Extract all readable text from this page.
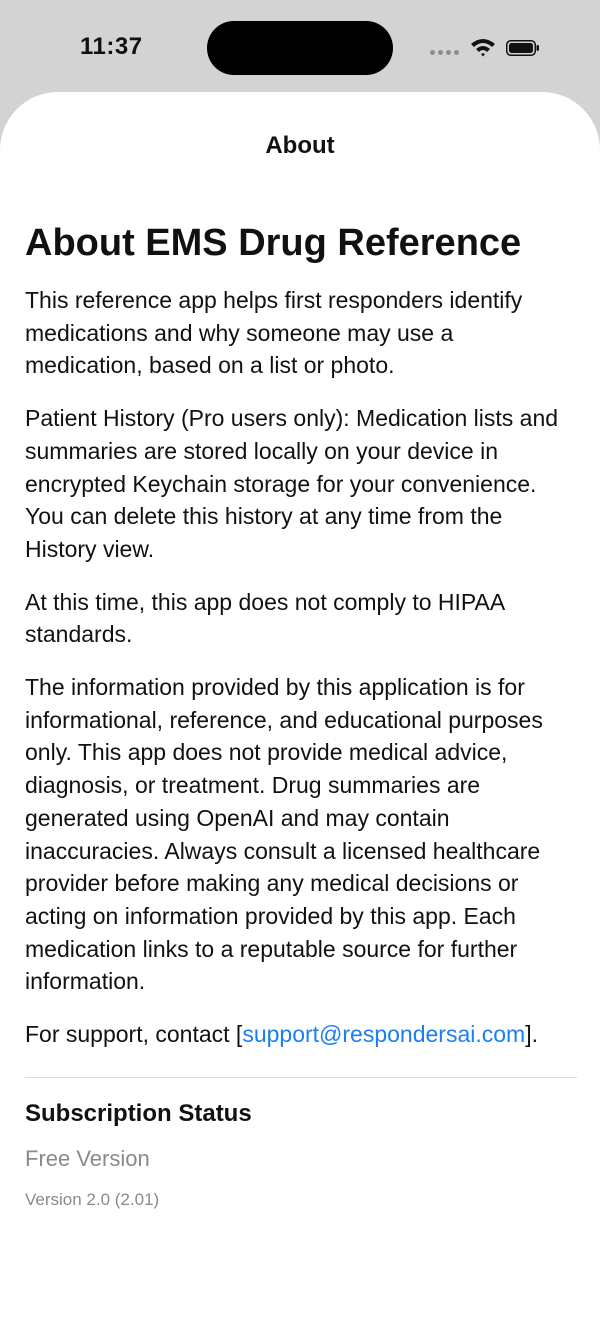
11:37
About
About EMS Drug Reference

This reference app helps first responders identify medications and why someone may use a medication, based on a list or photo.

Patient History (Pro users only): Medication lists and summaries are stored locally on your device in encrypted Keychain storage for your convenience. You can delete this history at any time from the History view.

At this time, this app does not comply to HIPAA standards.

The information provided by this application is for informational, reference, and educational purposes only. This app does not provide medical advice, diagnosis, or treatment. Drug summaries are generated using OpenAI and may contain inaccuracies. Always consult a licensed healthcare provider before making any medical decisions or acting on information provided by this app. Each medication links to a reputable source for further information.

For support, contact [support@respondersai.com].

Subscription Status
Free Version
Version 2.0 (2.01)
